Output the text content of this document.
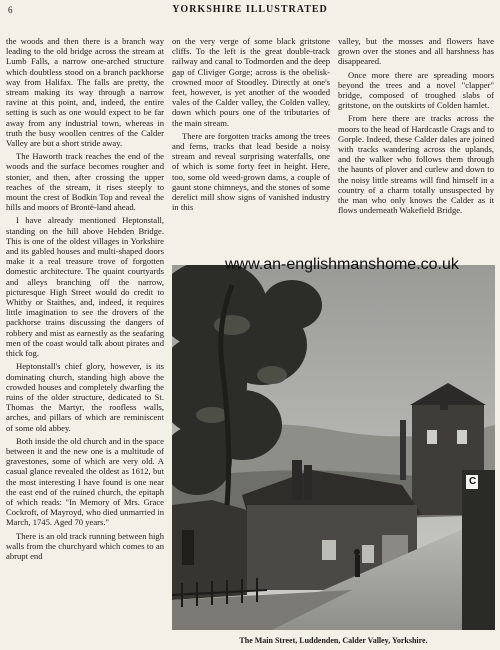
6	YORKSHIRE ILLUSTRATED

the woods and then there is a branch way leading to the old bridge across the stream at Lumb Falls, a narrow one-arched structure which doubtless stood on a branch packhorse way from Halifax. The falls are pretty, the stream making its way through a narrow ravine at this point, and, indeed, the entire setting is such as one would expect to be far away from any industrial town, whereas in truth the busy woollen centres of the Calder Valley are but a short stride away.

The Haworth track reaches the end of the woods and the surface becomes rougher and stonier, and then, after crossing the upper reaches of the stream, it rises steeply to mount the crest of Bodkin Top and reveal the hills and moors of Brontë-land ahead.

I have already mentioned Heptonstall, standing on the hill above Hebden Bridge. This is one of the oldest villages in Yorkshire and its gabled houses and multi-shaped doors make it a real treasure trove of forgotten domestic architecture. The quaint courtyards and alleys branching off the narrow, picturesque High Street would do credit to Whitby or Staithes, and, indeed, it requires little imagination to see the drovers of the packhorse trains discussing the dangers of robbery and mist as earnestly as the seafaring men of the coast would talk about pirates and thick fog.

Heptonstall's chief glory, however, is its dominating church, standing high above the crowded houses and completely dwarfing the ruins of the older structure, dedicated to St. Thomas the Martyr, the roofless walls, arches, and pillars of which are reminiscent of some old abbey.

Both inside the old church and in the space between it and the new one is a multitude of gravestones, some of which are very old. A casual glance revealed the oldest as 1612, but the most interesting I have found is one near the east end of the ruined church, the epitaph of which reads: "In Memory of Mrs. Grace Cockroft, of Mayroyd, who died unmarried in March, 1745. Aged 70 years."

There is an old track running between high walls from the churchyard which comes to an abrupt end

on the very verge of some black gritstone cliffs. To the left is the great double-track railway and canal to Todmorden and the deep gap of Cliviger Gorge; across is the obelisk-crowned moor of Stoodley. Directly at one's feet, however, is yet another of the wooded vales of the Calder valley, the Colden valley, down which pours one of the tributaries of the main stream.

There are forgotten tracks among the trees and ferns, tracks that lead beside a noisy stream and reveal surprising waterfalls, one of which is some forty feet in height. Here, too, some old weed-grown dams, a couple of gaunt stone chimneys, and the stones of some derelict mill show signs of vanished industry in this

valley, but the mosses and flowers have grown over the stones and all harshness has disappeared.

Once more there are spreading moors beyond the trees and a novel "clapper" bridge, composed of troughed slabs of gritstone, on the outskirts of Colden hamlet.

From here there are tracks across the moors to the head of Hardcastle Crags and to Gorple. Indeed, these Calder dales are joined with tracks wandering across the uplands, and the walker who follows them through the haunts of plover and curlew and down to the noisy little streams will find himself in a country of a charm totally unsuspected by the man who only knows the Calder as it flows underneath Wakefield Bridge.

C
www.an-englishmanshome.co.uk
The Main Street, Luddenden, Calder Valley, Yorkshire.
